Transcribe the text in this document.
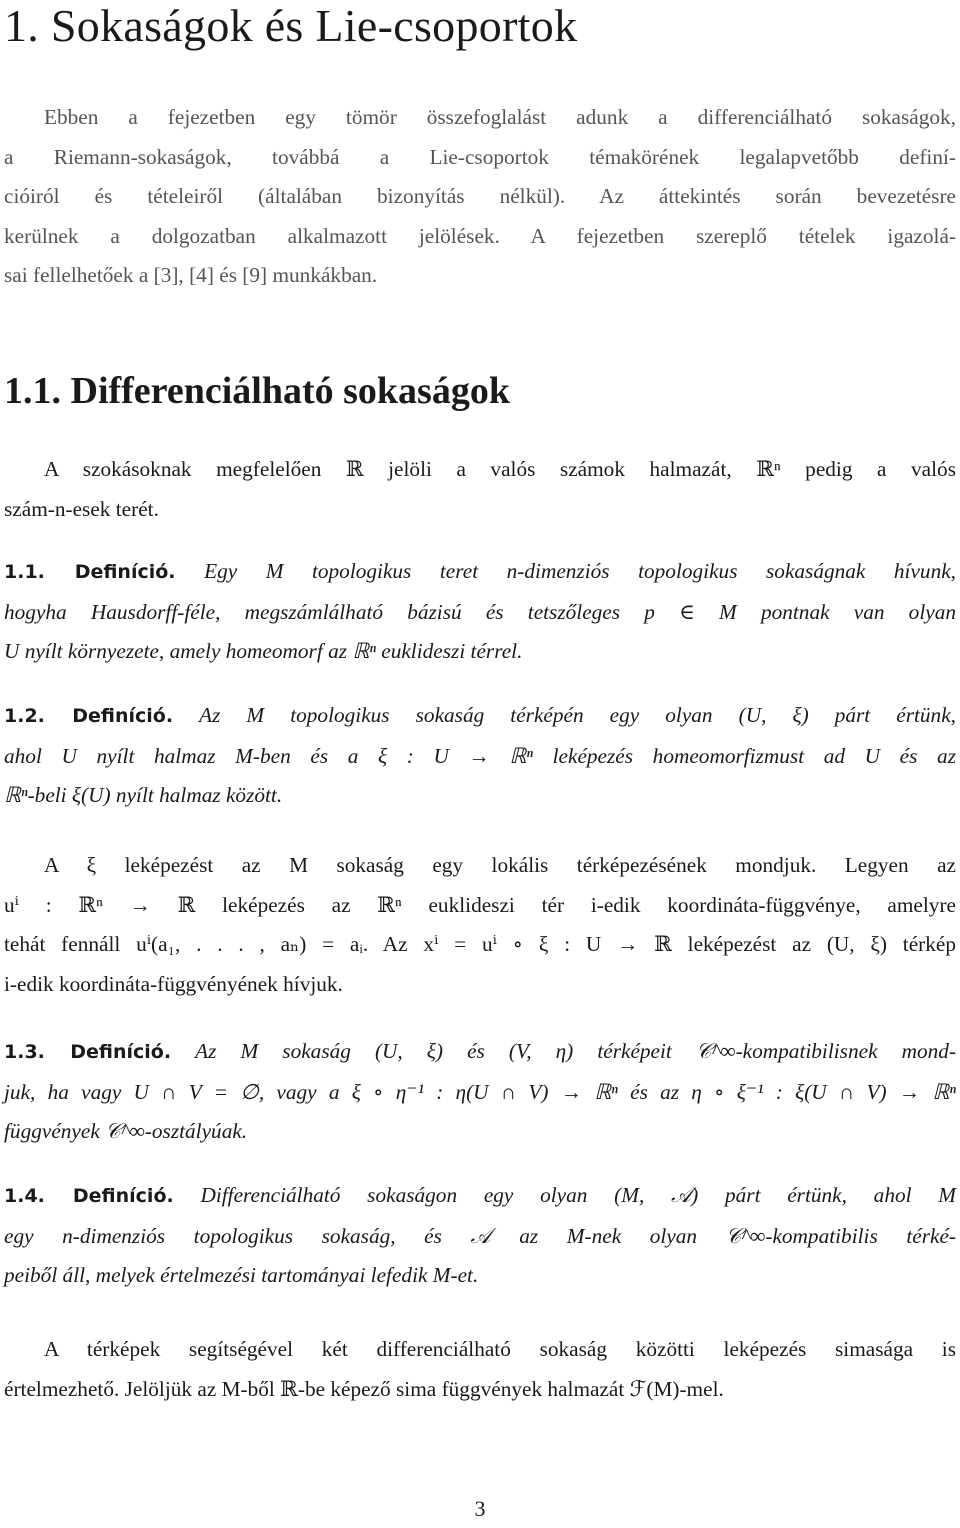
1. Sokaságok és Lie-csoportok
Ebben a fejezetben egy tömör összefoglalást adunk a differenciálható sokaságok,
a Riemann-sokaságok, továbbá a Lie-csoportok témakörének legalapvetőbb definí-
cióiról és tételeiről (általában bizonyítás nélkül). Az áttekintés során bevezetésre
kerülnek a dolgozatban alkalmazott jelölések. A fejezetben szereplő tételek igazolá-
sai fellelhetőek a [3], [4] és [9] munkákban.
1.1. Differenciálható sokaságok
A szokásoknak megfelelően ℝ jelöli a valós számok halmazát, ℝⁿ pedig a valós
szám-n-esek terét.
1.1. Definíció. Egy M topologikus teret n-dimenziós topologikus sokaságnak hívunk,
hogyha Hausdorff-féle, megszámlálható bázisú és tetszőleges p ∈ M pontnak van olyan
U nyílt környezete, amely homeomorf az ℝⁿ euklideszi térrel.
1.2. Definíció. Az M topologikus sokaság térképén egy olyan (U, ξ) párt értünk,
ahol U nyílt halmaz M-ben és a ξ : U → ℝⁿ leképezés homeomorfizmust ad U és az
ℝⁿ-beli ξ(U) nyílt halmaz között.
A ξ leképezést az M sokaság egy lokális térképezésének mondjuk. Legyen az
uⁱ : ℝⁿ → ℝ leképezés az ℝⁿ euklideszi tér i-edik koordináta-függvénye, amelyre
tehát fennáll uⁱ(a₁, . . . , aₙ) = aᵢ. Az xⁱ = uⁱ ∘ ξ : U → ℝ leképezést az (U, ξ) térkép
i-edik koordináta-függvényének hívjuk.
1.3. Definíció. Az M sokaság (U, ξ) és (V, η) térképeit 𝒞^∞-kompatibilisnek mond-
juk, ha vagy U ∩ V = ∅, vagy a ξ ∘ η⁻¹ : η(U ∩ V) → ℝⁿ és az η ∘ ξ⁻¹ : ξ(U ∩ V) → ℝⁿ
függvények 𝒞^∞-osztályúak.
1.4. Definíció. Differenciálható sokaságon egy olyan (M, 𝒜) párt értünk, ahol M
egy n-dimenziós topologikus sokaság, és 𝒜 az M-nek olyan 𝒞^∞-kompatibilis térké-
peiből áll, melyek értelmezési tartományai lefedik M-et.
A térképek segítségével két differenciálható sokaság közötti leképezés simasága is
értelmezhető. Jelöljük az M-ből ℝ-be képező sima függvények halmazát ℱ(M)-mel.
3
